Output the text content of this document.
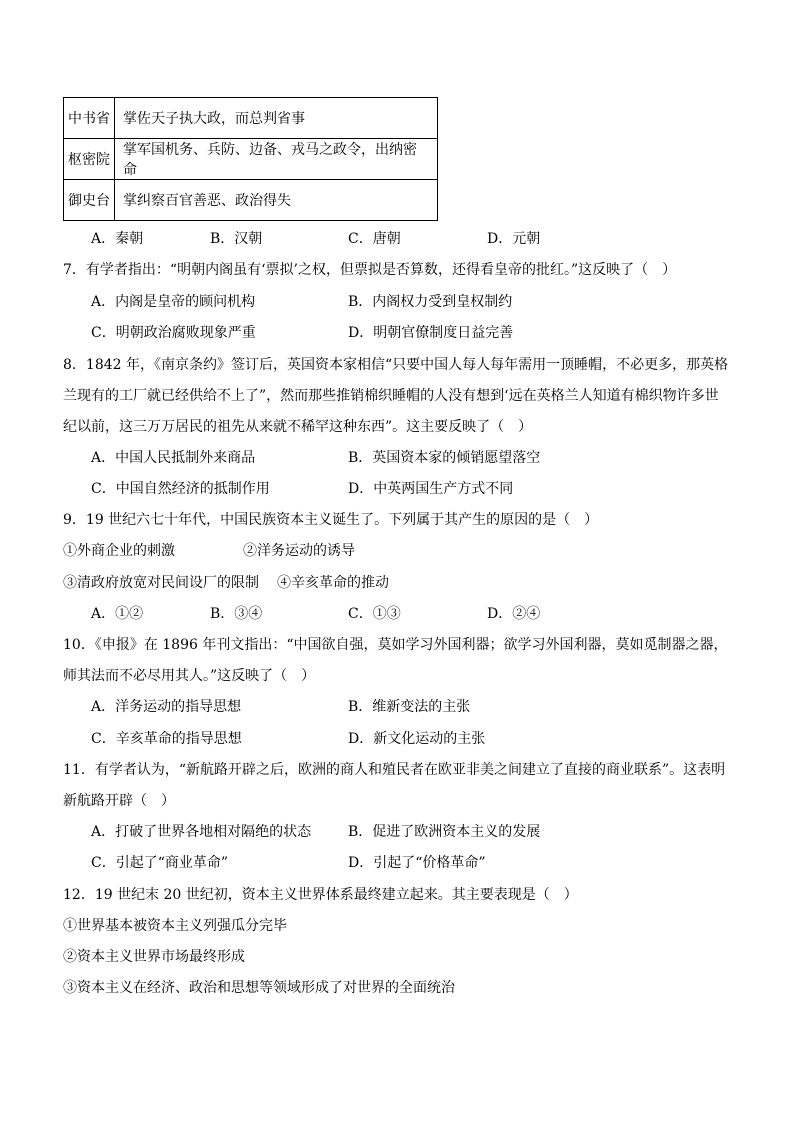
中书省	掌佐天子执大政，而总判省事
枢密院	掌军国机务、兵防、边备、戎马之政令，出纳密命
御史台	掌纠察百官善恶、政治得失
A．秦朝	B．汉朝	C．唐朝	D．元朝
7．有学者指出：“明朝内阁虽有‘票拟’之权，但票拟是否算数，还得看皇帝的批红。”这反映了（　）
A．内阁是皇帝的顾问机构	B．内阁权力受到皇权制约
C．明朝政治腐败现象严重	D．明朝官僚制度日益完善
8．1842 年，《南京条约》签订后，英国资本家相信“只要中国人每人每年需用一顶睡帽，不必更多，那英格
兰现有的工厂就已经供给不上了”，然而那些推销棉织睡帽的人没有想到‘远在英格兰人知道有棉织物许多世
纪以前，这三万万居民的祖先从来就不稀罕这种东西”。这主要反映了（　）
A．中国人民抵制外来商品	B．英国资本家的倾销愿望落空
C．中国自然经济的抵制作用	D．中英两国生产方式不同
9．19 世纪六七十年代，中国民族资本主义诞生了。下列属于其产生的原因的是（　）
①外商企业的刺激	②洋务运动的诱导
③清政府放宽对民间设厂的限制 ④辛亥革命的推动
A．①②	B．③④	C．①③	D．②④
10．《申报》在 1896 年刊文指出：“中国欲自强，莫如学习外国利器；欲学习外国利器，莫如觅制器之器，
师其法而不必尽用其人。”这反映了（　）
A．洋务运动的指导思想	B．维新变法的主张
C．辛亥革命的指导思想	D．新文化运动的主张
11．有学者认为，“新航路开辟之后，欧洲的商人和殖民者在欧亚非美之间建立了直接的商业联系”。这表明
新航路开辟（　）
A．打破了世界各地相对隔绝的状态	B．促进了欧洲资本主义的发展
C．引起了“商业革命”	D．引起了“价格革命”
12．19 世纪末 20 世纪初，资本主义世界体系最终建立起来。其主要表现是（　）
①世界基本被资本主义列强瓜分完毕
②资本主义世界市场最终形成
③资本主义在经济、政治和思想等领域形成了对世界的全面统治
